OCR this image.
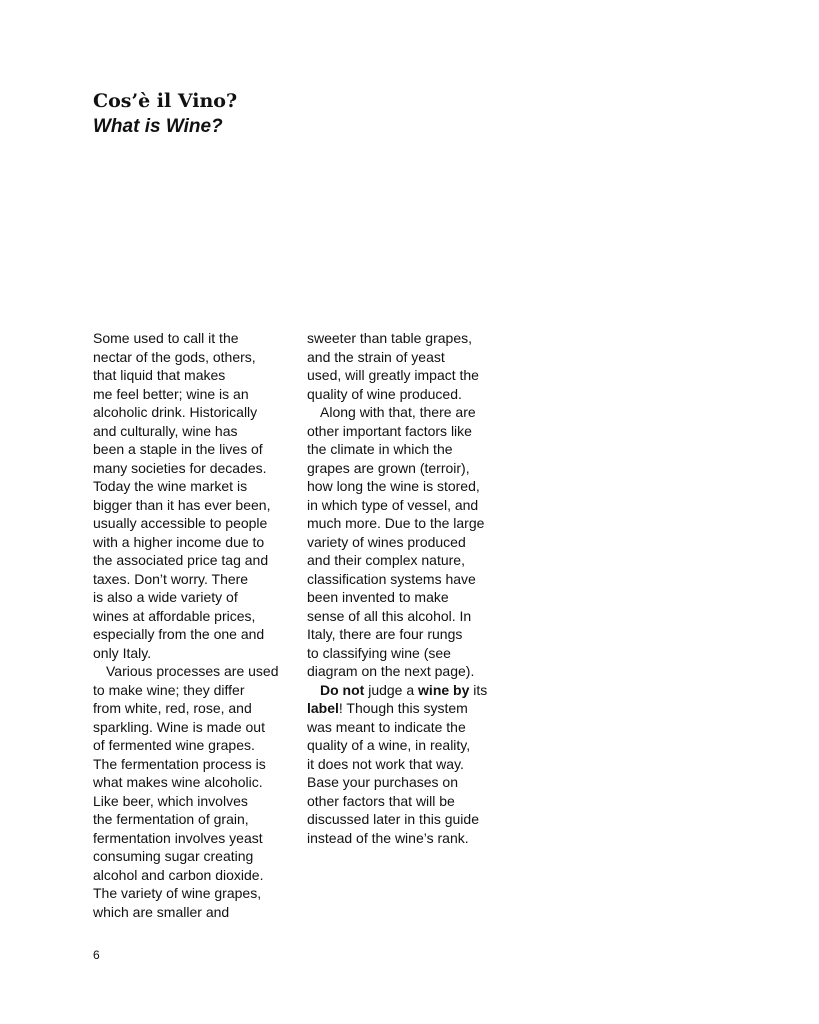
Cos’è il Vino?
What is Wine?
Some used to call it the
nectar of the gods, others,
that liquid that makes
me feel better; wine is an
alcoholic drink. Historically
and culturally, wine has
been a staple in the lives of
many societies for decades.
Today the wine market is
bigger than it has ever been,
usually accessible to people
with a higher income due to
the associated price tag and
taxes. Don’t worry. There
is also a wide variety of
wines at affordable prices,
especially from the one and
only Italy.
Various processes are used
to make wine; they differ
from white, red, rose, and
sparkling. Wine is made out
of fermented wine grapes.
The fermentation process is
what makes wine alcoholic.
Like beer, which involves
the fermentation of grain,
fermentation involves yeast
consuming sugar creating
alcohol and carbon dioxide.
The variety of wine grapes,
which are smaller and
sweeter than table grapes,
and the strain of yeast
used, will greatly impact the
quality of wine produced.
Along with that, there are
other important factors like
the climate in which the
grapes are grown (terroir),
how long the wine is stored,
in which type of vessel, and
much more. Due to the large
variety of wines produced
and their complex nature,
classification systems have
been invented to make
sense of all this alcohol. In
Italy, there are four rungs
to classifying wine (see
diagram on the next page).
Do not judge a wine by its
label! Though this system
was meant to indicate the
quality of a wine, in reality,
it does not work that way.
Base your purchases on
other factors that will be
discussed later in this guide
instead of the wine’s rank.
6
